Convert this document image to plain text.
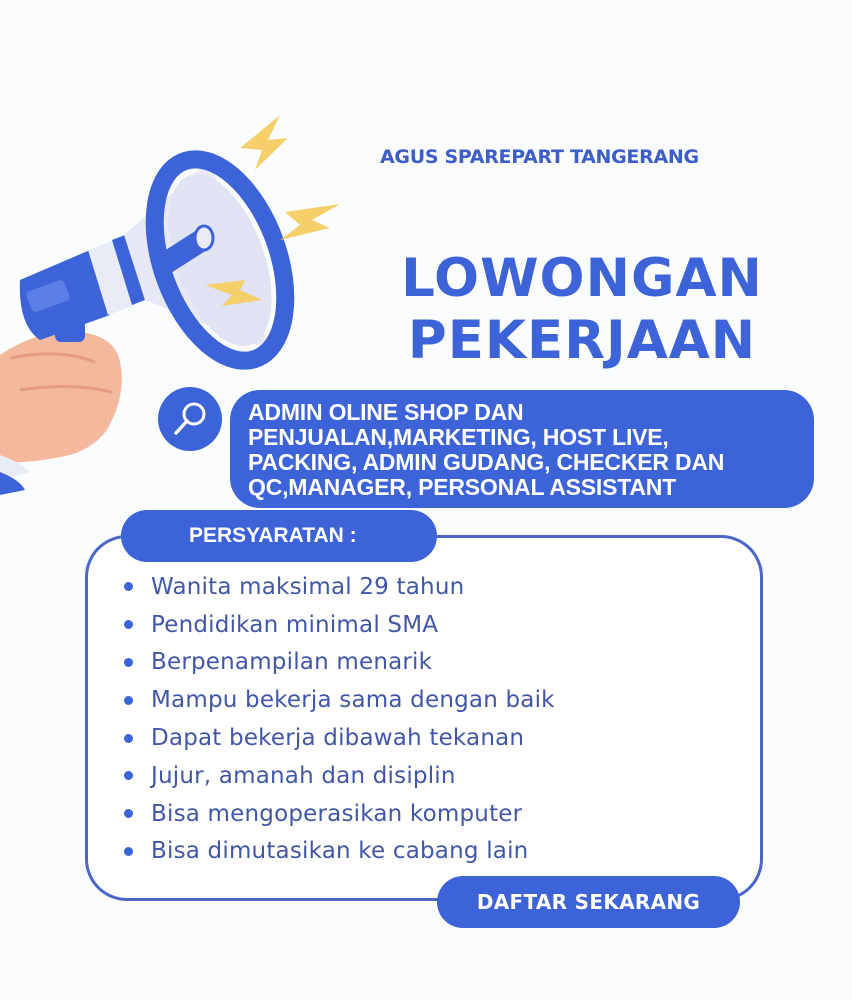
AGUS SPAREPART TANGERANG
LOWONGAN
PEKERJAAN
ADMIN OLINE SHOP DAN
PENJUALAN,MARKETING, HOST LIVE,
PACKING, ADMIN GUDANG, CHECKER DAN
QC,MANAGER, PERSONAL ASSISTANT
PERSYARATAN :
Wanita maksimal 29 tahun
Pendidikan minimal SMA
Berpenampilan menarik
Mampu bekerja sama dengan baik
Dapat bekerja dibawah tekanan
Jujur, amanah dan disiplin
Bisa mengoperasikan komputer
Bisa dimutasikan ke cabang lain
DAFTAR SEKARANG
